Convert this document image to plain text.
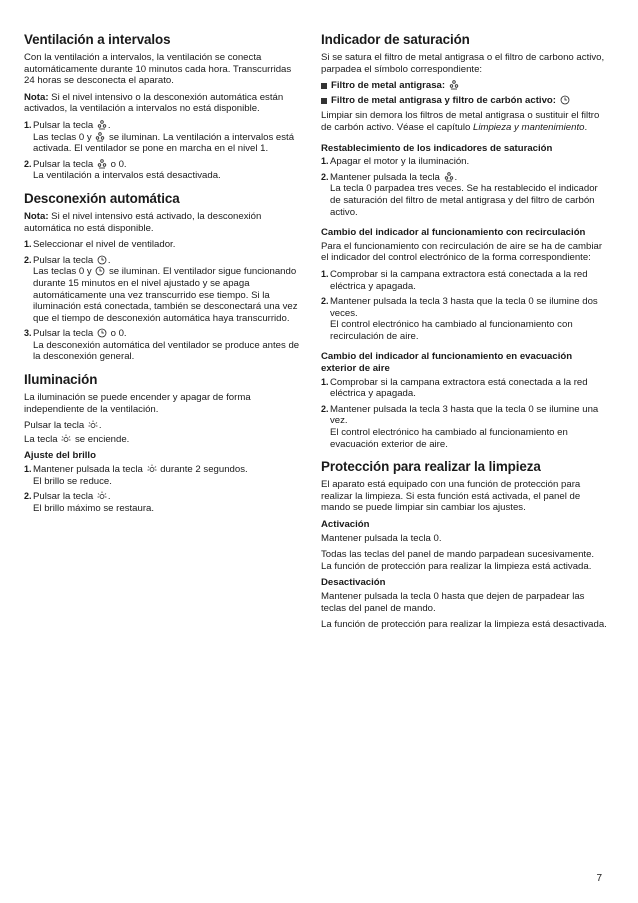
Ventilación a intervalos

Con la ventilación a intervalos, la ventilación se conecta automáticamente durante 10 minutos cada hora. Transcurridas 24 horas se desconecta el aparato.

Nota: Si el nivel intensivo o la desconexión automática están activados, la ventilación a intervalos no está disponible.

1. Pulsar la tecla
.
Las teclas 0 y
se iluminan. La ventilación a intervalos está activada. El ventilador se pone en marcha en el nivel 1.
2. Pulsar la tecla
o 0.
La ventilación a intervalos está desactivada.
Desconexión automática

Nota: Si el nivel intensivo está activado, la desconexión automática no está disponible.

1. Seleccionar el nivel de ventilador.
2. Pulsar la tecla
.
Las teclas 0 y
se iluminan. El ventilador sigue funcionando durante 15 minutos en el nivel ajustado y se apaga automáticamente una vez transcurrido ese tiempo. Si la iluminación está conectada, también se desconectará una vez que el tiempo de desconexión automática haya transcurrido.
3. Pulsar la tecla
o 0.
La desconexión automática del ventilador se produce antes de la desconexión general.
Iluminación

La iluminación se puede encender y apagar de forma independiente de la ventilación.

Pulsar la tecla
.

La tecla
se enciende.

Ajuste del brillo
1. Mantener pulsada la tecla
durante 2 segundos.
El brillo se reduce.
2. Pulsar la tecla
.
El brillo máximo se restaura.
Indicador de saturación

Si se satura el filtro de metal antigrasa o el filtro de carbono activo, parpadea el símbolo correspondiente:

Filtro de metal antigrasa:
Filtro de metal antigrasa y filtro de carbón activo:

Limpiar sin demora los filtros de metal antigrasa o sustituir el filtro de carbón activo. Véase el capítulo Limpieza y mantenimiento.

Restablecimiento de los indicadores de saturación
1. Apagar el motor y la iluminación.
2. Mantener pulsada la tecla
.
La tecla 0 parpadea tres veces. Se ha restablecido el indicador de saturación del filtro de metal antigrasa y del filtro de carbón activo.
Cambio del indicador al funcionamiento con recirculación

Para el funcionamiento con recirculación de aire se ha de cambiar el indicador del control electrónico de la forma correspondiente:

1. Comprobar si la campana extractora está conectada a la red eléctrica y apagada.
2. Mantener pulsada la tecla 3 hasta que la tecla 0 se ilumine dos veces.
El control electrónico ha cambiado al funcionamiento con recirculación de aire.
Cambio del indicador al funcionamiento en evacuación exterior de aire
1. Comprobar si la campana extractora está conectada a la red eléctrica y apagada.
2. Mantener pulsada la tecla 3 hasta que la tecla 0 se ilumine una vez.
El control electrónico ha cambiado al funcionamiento en evacuación exterior de aire.
Protección para realizar la limpieza

El aparato está equipado con una función de protección para realizar la limpieza. Si esta función está activada, el panel de mando se puede limpiar sin cambiar los ajustes.

Activación

Mantener pulsada la tecla 0.

Todas las teclas del panel de mando parpadean sucesivamente. La función de protección para realizar la limpieza está activada.

Desactivación

Mantener pulsada la tecla 0 hasta que dejen de parpadear las teclas del panel de mando.

La función de protección para realizar la limpieza está desactivada.

7
